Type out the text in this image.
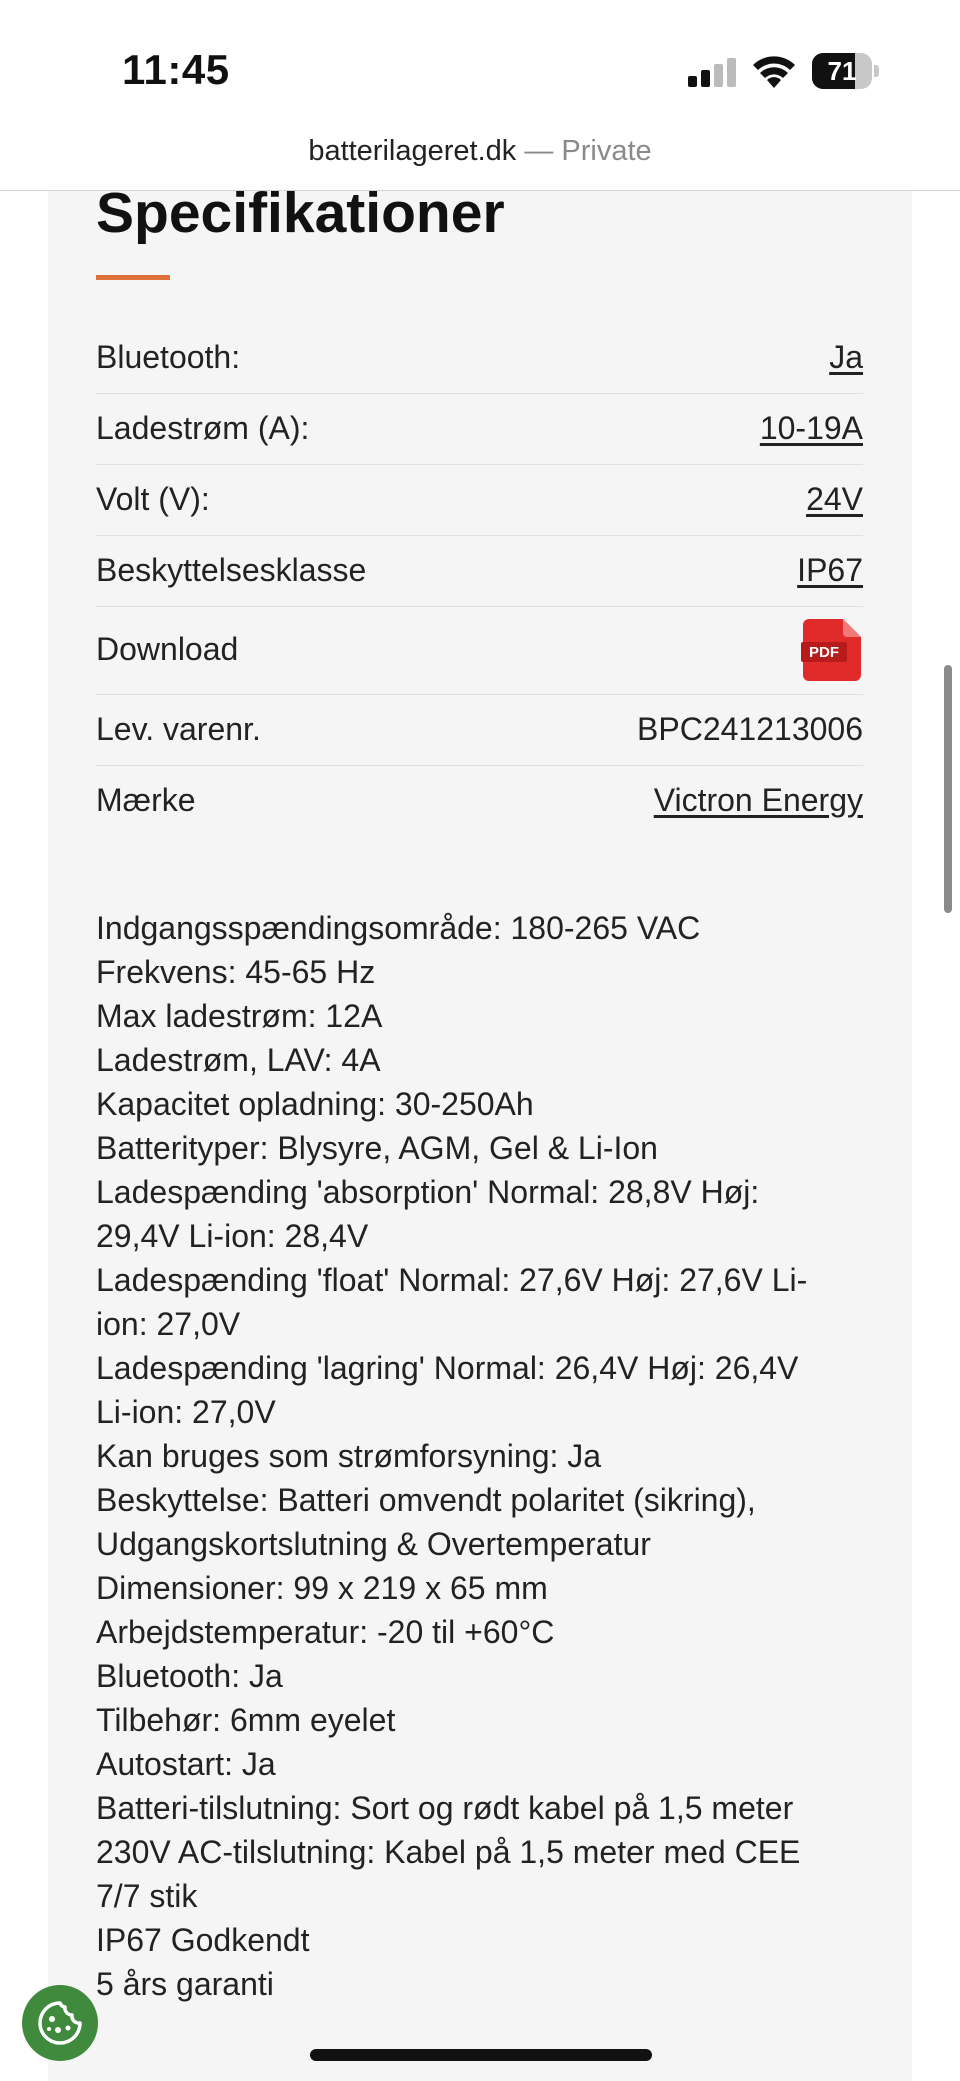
11:45	71
batterilageret.dk — Private
Specifikationer
Bluetooth:	Ja
Ladestrøm (A):	10-19A
Volt (V):	24V
Beskyttelsesklasse	IP67
Download	PDF
Lev. varenr.	BPC241213006
Mærke	Victron Energy
Indgangsspændingsområde: 180-265 VAC
Frekvens: 45-65 Hz
Max ladestrøm: 12A
Ladestrøm, LAV: 4A
Kapacitet opladning: 30-250Ah
Batterityper: Blysyre, AGM, Gel & Li-Ion
Ladespænding 'absorption' Normal: 28,8V Høj:
29,4V Li-ion: 28,4V
Ladespænding 'float' Normal: 27,6V Høj: 27,6V Li-
ion: 27,0V
Ladespænding 'lagring' Normal: 26,4V Høj: 26,4V
Li-ion: 27,0V
Kan bruges som strømforsyning: Ja
Beskyttelse: Batteri omvendt polaritet (sikring),
Udgangskortslutning & Overtemperatur
Dimensioner: 99 x 219 x 65 mm
Arbejdstemperatur: -20 til +60°C
Bluetooth: Ja
Tilbehør: 6mm eyelet
Autostart: Ja
Batteri-tilslutning: Sort og rødt kabel på 1,5 meter
230V AC-tilslutning: Kabel på 1,5 meter med CEE
7/7 stik
IP67 Godkendt
5 års garanti
